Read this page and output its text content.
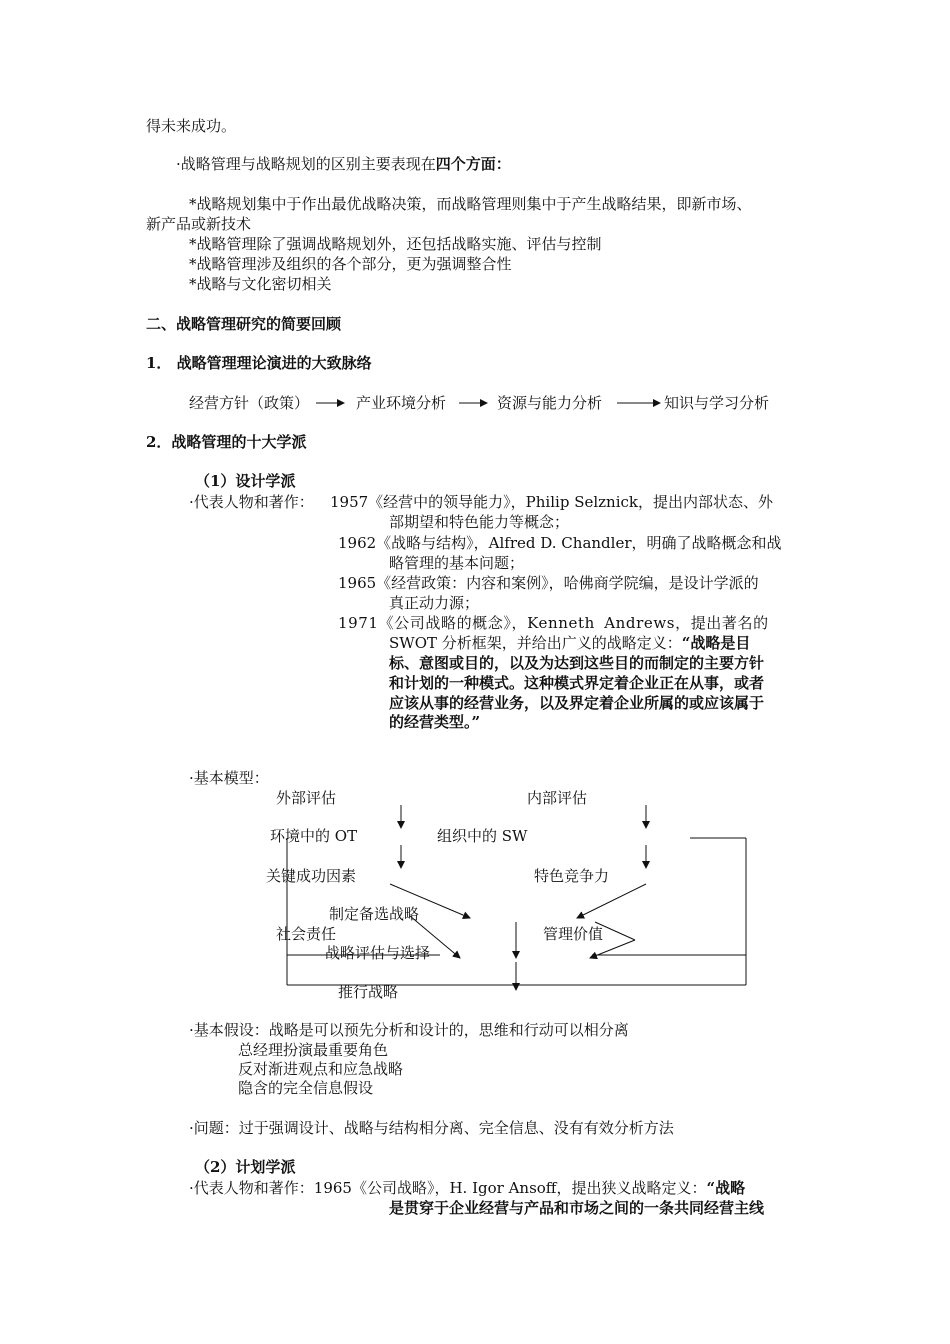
得未来成功。
·战略管理与战略规划的区别主要表现在四个方面：
*战略规划集中于作出最优战略决策，而战略管理则集中于产生战略结果，即新市场、
新产品或新技术
*战略管理除了强调战略规划外，还包括战略实施、评估与控制
*战略管理涉及组织的各个部分，更为强调整合性
*战略与文化密切相关
二、战略管理研究的简要回顾
1． 战略管理理论演进的大致脉络
经营方针（政策）	产业环境分析	资源与能力分析	知识与学习分析
2．战略管理的十大学派
（1）设计学派
·代表人物和著作： 1957《经营中的领导能力》，Philip Selznick，提出内部状态、外
部期望和特色能力等概念；
1962《战略与结构》，Alfred D. Chandler，明确了战略概念和战
略管理的基本问题；
1965《经营政策：内容和案例》，哈佛商学院编，是设计学派的
真正动力源；
1971《公司战略的概念》，Kenneth Andrews，提出著名的
SWOT 分析框架，并给出广义的战略定义：“战略是目
标、意图或目的，以及为达到这些目的而制定的主要方针
和计划的一种模式。这种模式界定着企业正在从事，或者
应该从事的经营业务，以及界定着企业所属的或应该属于
的经营类型。”
·基本模型：
外部评估	内部评估
环境中的 OT	组织中的 SW
关键成功因素	特色竞争力
制定备选战略
社会责任	管理价值
战略评估与选择
推行战略
·基本假设：战略是可以预先分析和设计的，思维和行动可以相分离
总经理扮演最重要角色
反对渐进观点和应急战略
隐含的完全信息假设
·问题：过于强调设计、战略与结构相分离、完全信息、没有有效分析方法
（2）计划学派
·代表人物和著作：1965《公司战略》，H. Igor Ansoff，提出狭义战略定义：“战略
是贯穿于企业经营与产品和市场之间的一条共同经营主线
